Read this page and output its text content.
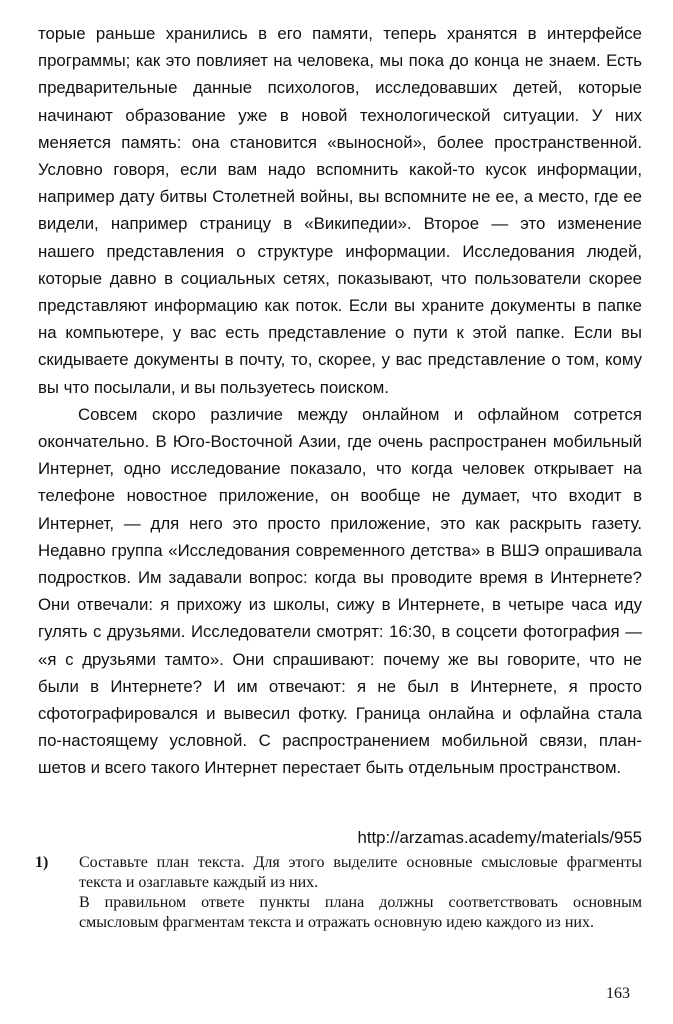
торые раньше хранились в его памяти, теперь хранятся в интерфейсе программы; как это повлияет на человека, мы пока до конца не знаем. Есть предварительные данные психологов, исследовавших детей, которые начинают образование уже в новой технологической ситуации. У них меняется память: она становится «выносной», более пространственной. Условно говоря, если вам надо вспомнить какой-то кусок информации, например дату битвы Столетней войны, вы вспомните не ее, а место, где ее видели, например страницу в «Википедии». Второе — это изменение нашего представления о структуре информации. Исследования людей, которые давно в социальных сетях, показывают, что пользователи скорее представляют информацию как поток. Если вы храните документы в папке на компьютере, у вас есть представление о пути к этой папке. Если вы скидываете документы в почту, то, скорее, у вас представление о том, кому вы что посылали, и вы пользуетесь поиском.

Совсем скоро различие между онлайном и офлайном сотрется окончательно. В Юго-Восточной Азии, где очень распространен мобильный Интернет, одно исследование показало, что когда человек открывает на телефоне новостное приложение, он вообще не думает, что входит в Интернет, — для него это просто приложение, это как раскрыть газету. Недавно группа «Исследования современного детства» в ВШЭ опрашивала подростков. Им задавали вопрос: когда вы проводите время в Интернете? Они отвечали: я прихожу из школы, сижу в Интернете, в четыре часа иду гулять с друзьями. Исследователи смотрят: 16:30, в соцсети фотография — «я с друзьями тамто». Они спрашивают: почему же вы говорите, что не были в Интернете? И им отвечают: я не был в Интернете, я просто сфотографировался и вывесил фотку. Граница онлайна и офлайна стала по-настоящему условной. С распространением мобильной связи, планшетов и всего такого Интернет перестает быть отдельным пространством.

http://arzamas.academy/materials/955
1) Составьте план текста. Для этого выделите основные смысловые фрагменты текста и озаглавьте каждый из них.

В правильном ответе пункты плана должны соответствовать основным смысловым фрагментам текста и отражать основную идею каждого из них.

163
